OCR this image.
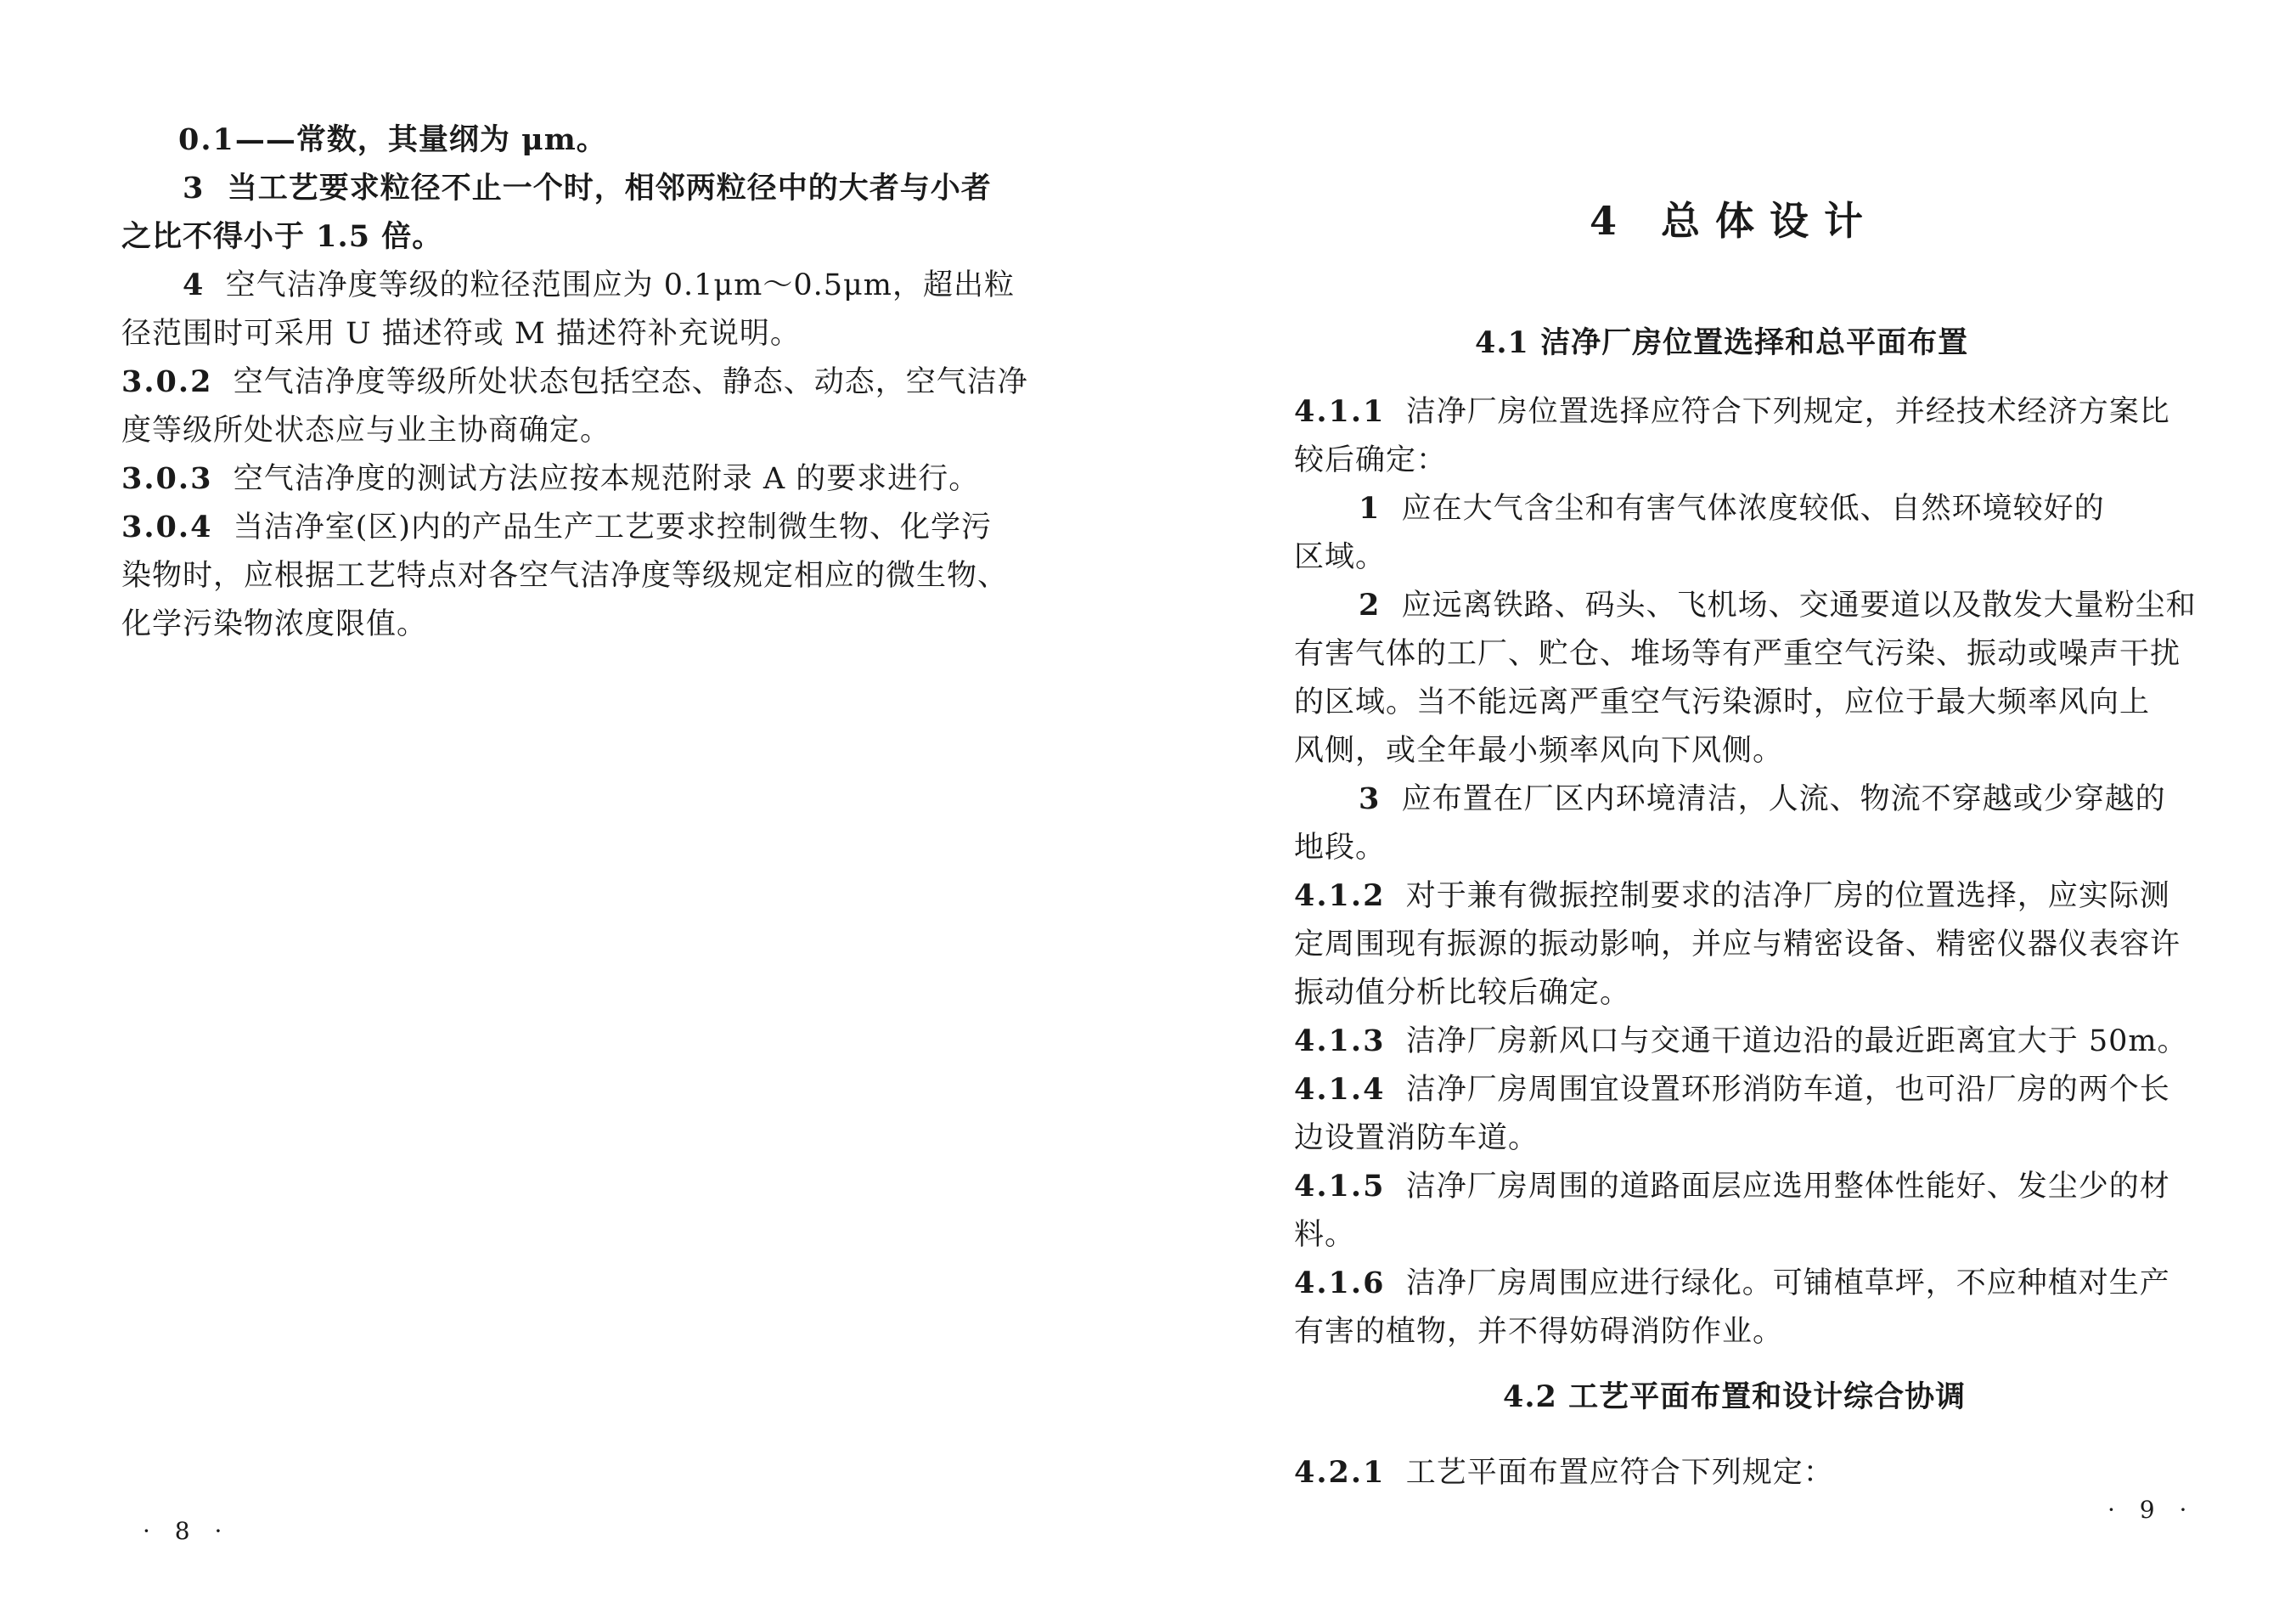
0.1——常数，其量纲为 μm。
3 当工艺要求粒径不止一个时，相邻两粒径中的大者与小者
之比不得小于 1.5 倍。
4 空气洁净度等级的粒径范围应为 0.1μm～0.5μm，超出粒
径范围时可采用 U 描述符或 M 描述符补充说明。
3.0.2 空气洁净度等级所处状态包括空态、静态、动态，空气洁净
度等级所处状态应与业主协商确定。
3.0.3 空气洁净度的测试方法应按本规范附录 A 的要求进行。
3.0.4 当洁净室(区)内的产品生产工艺要求控制微生物、化学污
染物时，应根据工艺特点对各空气洁净度等级规定相应的微生物、
化学污染物浓度限值。
· 8 ·
4 总体设计
4.1 洁净厂房位置选择和总平面布置
4.1.1 洁净厂房位置选择应符合下列规定，并经技术经济方案比
较后确定：
1 应在大气含尘和有害气体浓度较低、自然环境较好的
区域。
2 应远离铁路、码头、飞机场、交通要道以及散发大量粉尘和
有害气体的工厂、贮仓、堆场等有严重空气污染、振动或噪声干扰
的区域。当不能远离严重空气污染源时，应位于最大频率风向上
风侧，或全年最小频率风向下风侧。
3 应布置在厂区内环境清洁，人流、物流不穿越或少穿越的
地段。
4.1.2 对于兼有微振控制要求的洁净厂房的位置选择，应实际测
定周围现有振源的振动影响，并应与精密设备、精密仪器仪表容许
振动值分析比较后确定。
4.1.3 洁净厂房新风口与交通干道边沿的最近距离宜大于 50m。
4.1.4 洁净厂房周围宜设置环形消防车道，也可沿厂房的两个长
边设置消防车道。
4.1.5 洁净厂房周围的道路面层应选用整体性能好、发尘少的材
料。
4.1.6 洁净厂房周围应进行绿化。可铺植草坪，不应种植对生产
有害的植物，并不得妨碍消防作业。
4.2 工艺平面布置和设计综合协调
4.2.1 工艺平面布置应符合下列规定：
· 9 ·
